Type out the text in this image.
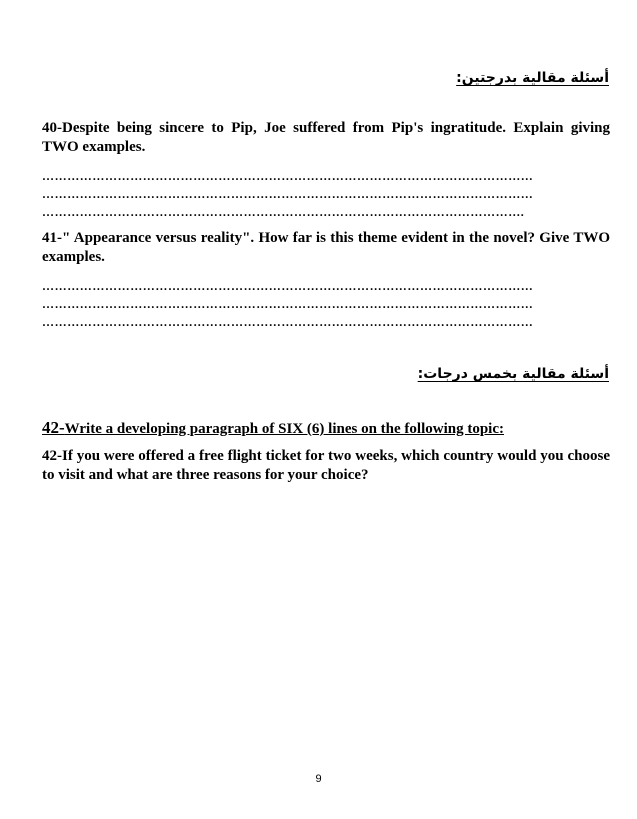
أسئلة مقالية بدرجتين:
40-Despite being sincere to Pip, Joe suffered from Pip's ingratitude. Explain giving TWO examples.
………………………………………………………………………………………………………
………………………………………………………………………………………………………
…………………………………………………………………………………………………….
41-" Appearance versus reality". How far is this theme evident in the novel? Give TWO examples.
………………………………………………………………………………………………………
………………………………………………………………………………………………………
………………………………………………………………………………………………………
أسئلة مقالية بخمس درجات:
42-Write a developing paragraph of SIX (6) lines on the following topic:
42-If you were offered a free flight ticket for two weeks, which country would you choose to visit and what are three reasons for your choice?
9
